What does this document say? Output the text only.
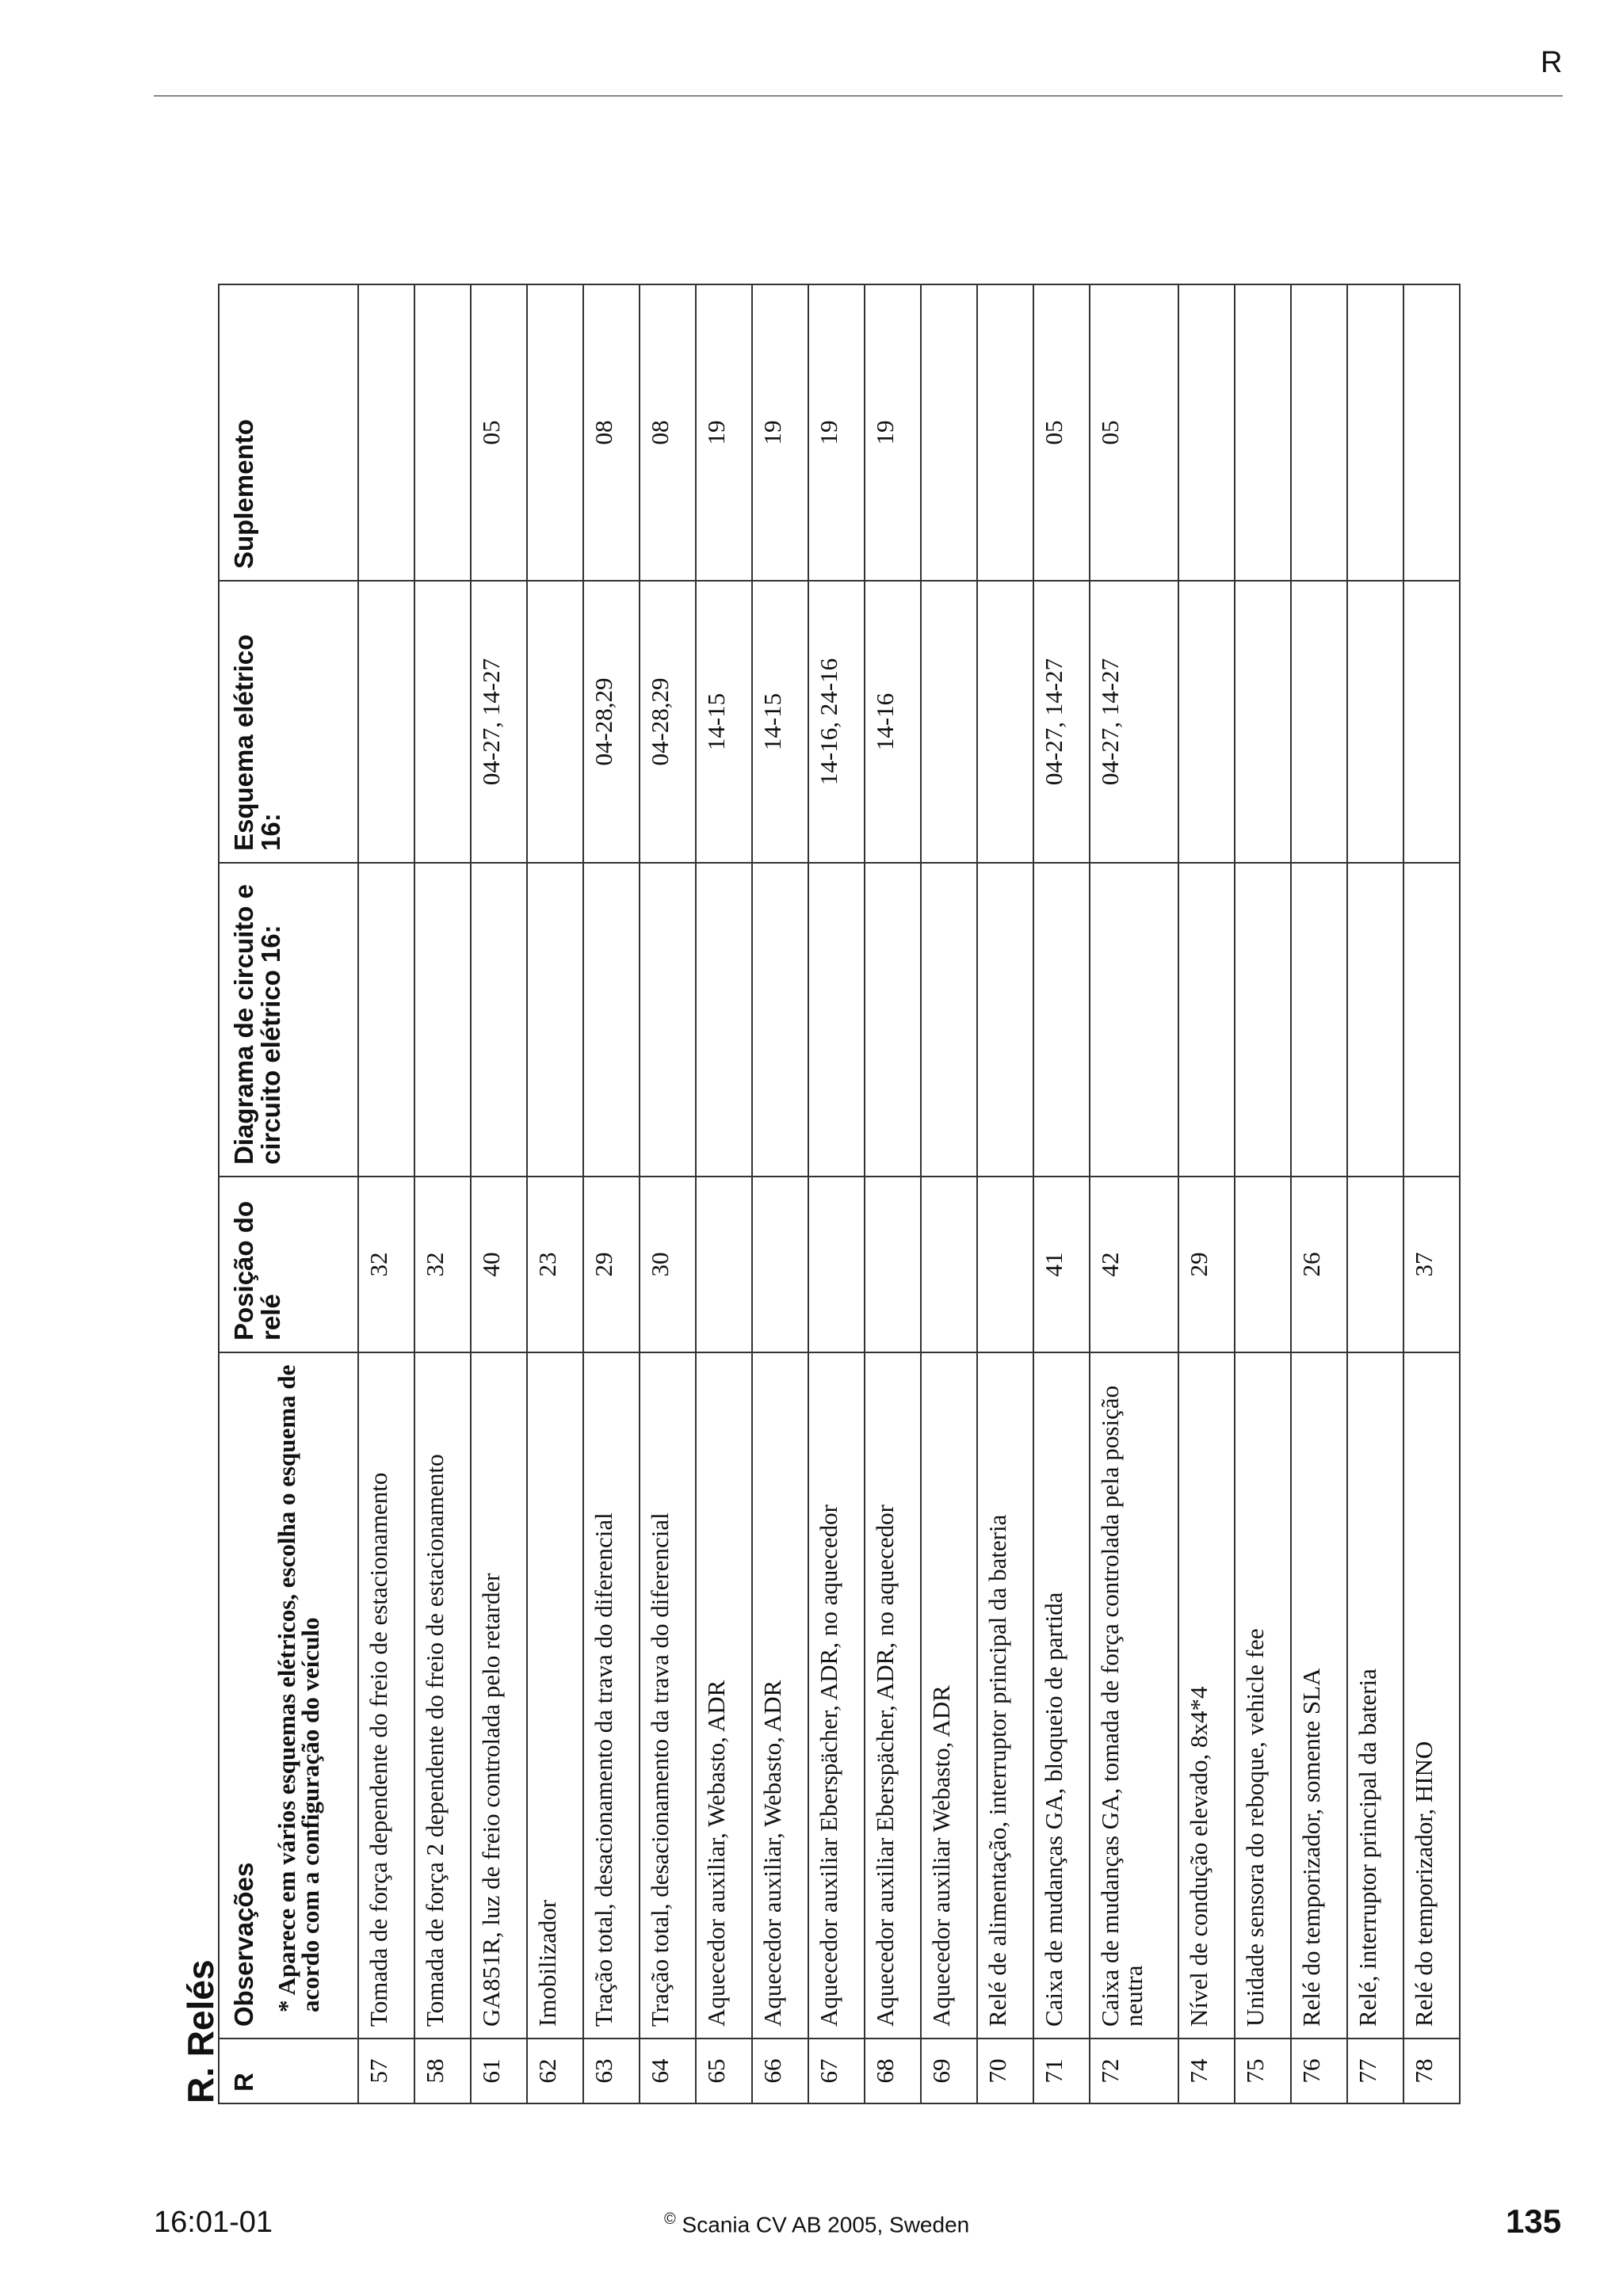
R
R. Relés R	Observações * Aparece em vários esquemas elétricos, escolha o esquema de acordo com a configuração do veículo	Posição do relé	Diagrama de circuito e circuito elétrico 16:	Esquema elétrico 16:	Suplemento
57	Tomada de força dependente do freio de estacionamento	32			
58	Tomada de força 2 dependente do freio de estacionamento	32			
61	GA851R, luz de freio controlada pelo retarder	40		04-27, 14-27	05
62	Imobilizador	23			
63	Tração total, desacionamento da trava do diferencial	29		04-28,29	08
64	Tração total, desacionamento da trava do diferencial	30		04-28,29	08
65	Aquecedor auxiliar, Webasto, ADR			14-15	19
66	Aquecedor auxiliar, Webasto, ADR			14-15	19
67	Aquecedor auxiliar Eberspächer, ADR, no aquecedor			14-16, 24-16	19
68	Aquecedor auxiliar Eberspächer, ADR, no aquecedor			14-16	19
69	Aquecedor auxiliar Webasto, ADR				
70	Relé de alimentação, interruptor principal da bateria				
71	Caixa de mudanças GA, bloqueio de partida	41		04-27, 14-27	05
72	Caixa de mudanças GA, tomada de força controlada pela posição neutra	42		04-27, 14-27	05
74	Nível de condução elevado, 8x4*4	29			
75	Unidade sensora do reboque, vehicle fee				
76	Relé do temporizador, somente SLA	26			
77	Relé, interruptor principal da bateria				
78	Relé do temporizador, HINO	37			
16:01-01	© Scania CV AB 2005, Sweden	135
